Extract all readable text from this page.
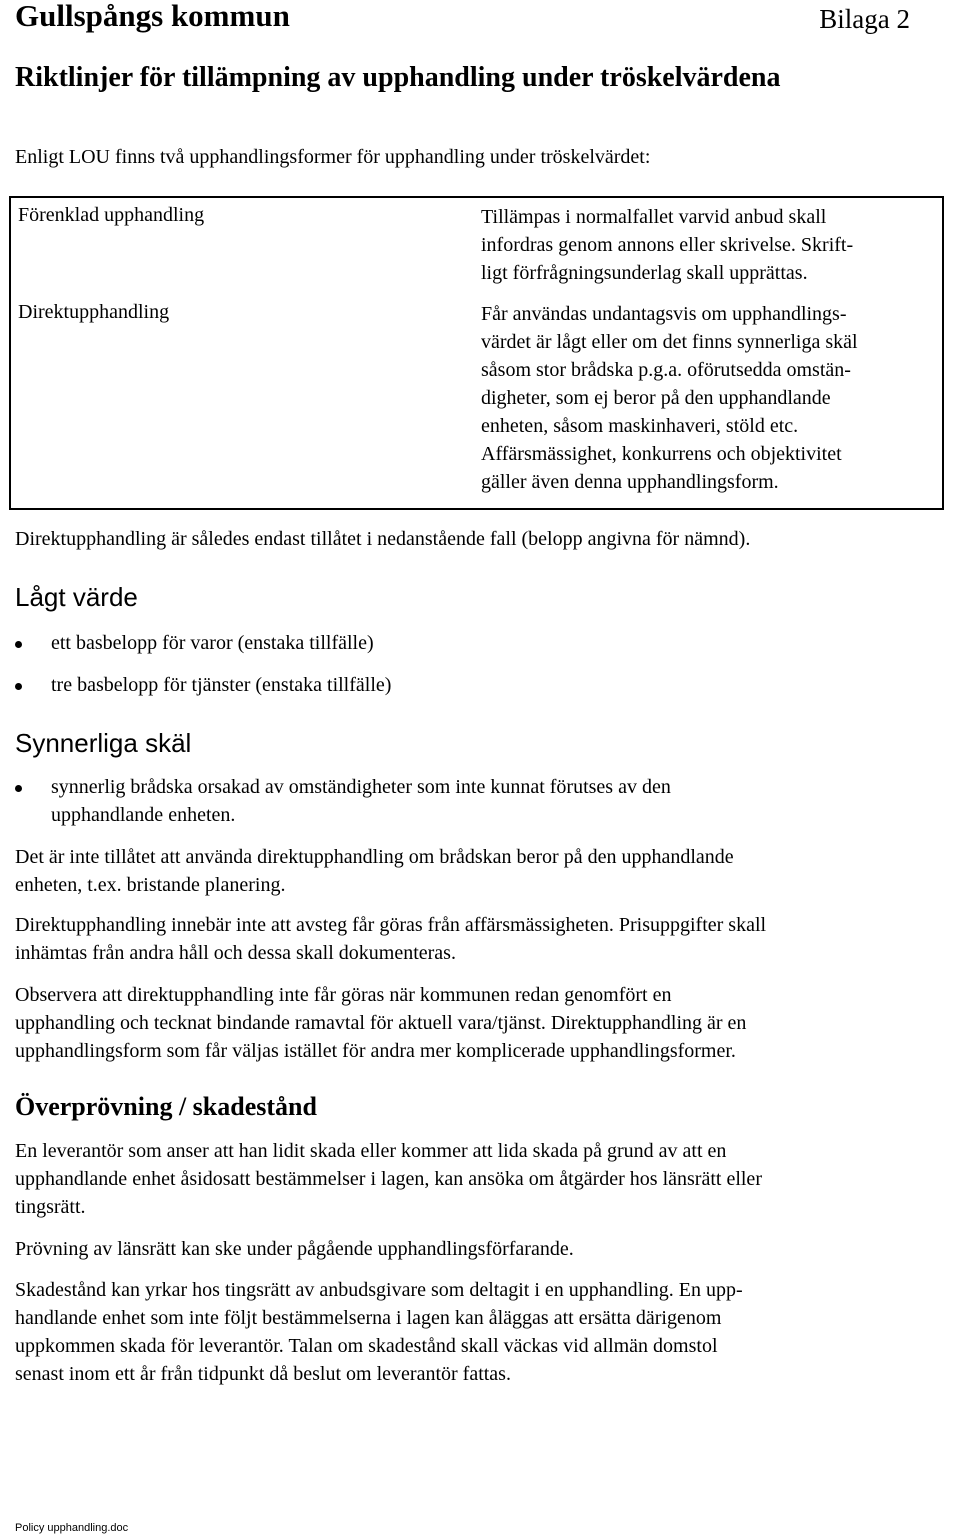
Gullspångs kommun	Bilaga 2
Riktlinjer för tillämpning av upphandling under tröskelvärdena
Enligt LOU finns två upphandlingsformer för upphandling under tröskelvärdet:
Förenklad upphandling	Tillämpas i normalfallet varvid anbud skall
infordras genom annons eller skrivelse. Skrift-
ligt förfrågningsunderlag skall upprättas.
Direktupphandling	Får användas undantagsvis om upphandlings-
värdet är lågt eller om det finns synnerliga skäl
såsom stor brådska p.g.a. oförutsedda omstän-
digheter, som ej beror på den upphandlande
enheten, såsom maskinhaveri, stöld etc.
Affärsmässighet, konkurrens och objektivitet
gäller även denna upphandlingsform.
Direktupphandling är således endast tillåtet i nedanstående fall (belopp angivna för nämnd).
Lågt värde
ett basbelopp för varor (enstaka tillfälle)
tre basbelopp för tjänster (enstaka tillfälle)
Synnerliga skäl
synnerlig brådska orsakad av omständigheter som inte kunnat förutses av den
upphandlande enheten.
Det är inte tillåtet att använda direktupphandling om brådskan beror på den upphandlande
enheten, t.ex. bristande planering.
Direktupphandling innebär inte att avsteg får göras från affärsmässigheten. Prisuppgifter skall
inhämtas från andra håll och dessa skall dokumenteras.
Observera att direktupphandling inte får göras när kommunen redan genomfört en
upphandling och tecknat bindande ramavtal för aktuell vara/tjänst. Direktupphandling är en
upphandlingsform som får väljas istället för andra mer komplicerade upphandlingsformer.
Överprövning / skadestånd
En leverantör som anser att han lidit skada eller kommer att lida skada på grund av att en
upphandlande enhet åsidosatt bestämmelser i lagen, kan ansöka om åtgärder hos länsrätt eller
tingsrätt.
Prövning av länsrätt kan ske under pågående upphandlingsförfarande.
Skadestånd kan yrkar hos tingsrätt av anbudsgivare som deltagit i en upphandling. En upp-
handlande enhet som inte följt bestämmelserna i lagen kan åläggas att ersätta därigenom
uppkommen skada för leverantör. Talan om skadestånd skall väckas vid allmän domstol
senast inom ett år från tidpunkt då beslut om leverantör fattas.
Policy upphandling.doc
